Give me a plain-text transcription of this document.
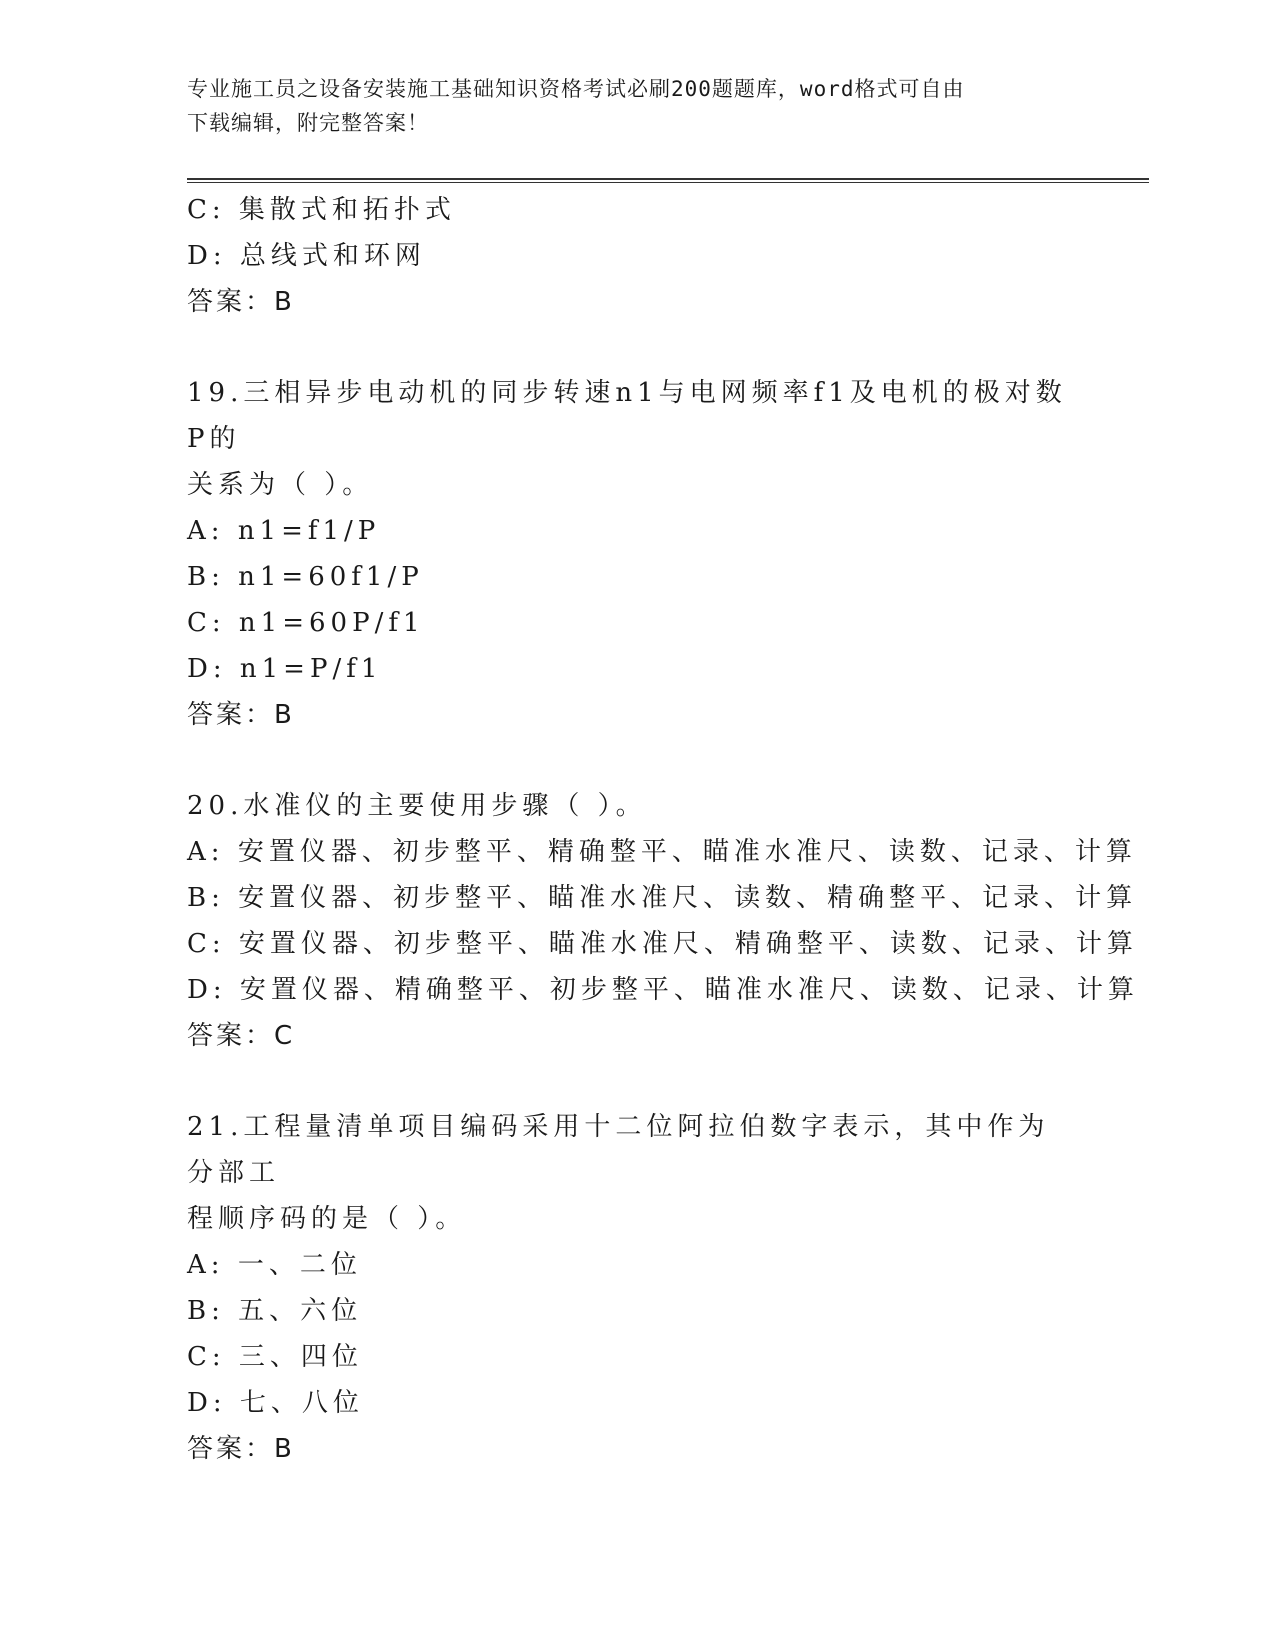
专业施工员之设备安装施工基础知识资格考试必刷200题题库，word格式可自由
下载编辑，附完整答案！
C: 集散式和拓扑式
D: 总线式和环网
答案：B
19.三相异步电动机的同步转速n1与电网频率f1及电机的极对数P的
关系为（ ）。
A: n1=f1/P
B: n1=60f1/P
C: n1=60P/f1
D: n1=P/f1
答案：B
20.水准仪的主要使用步骤（ ）。
A: 安置仪器、初步整平、精确整平、瞄准水准尺、读数、记录、计算
B: 安置仪器、初步整平、瞄准水准尺、读数、精确整平、记录、计算
C: 安置仪器、初步整平、瞄准水准尺、精确整平、读数、记录、计算
D: 安置仪器、精确整平、初步整平、瞄准水准尺、读数、记录、计算
答案：C
21.工程量清单项目编码采用十二位阿拉伯数字表示，其中作为分部工
程顺序码的是（ ）。
A: 一、二位
B: 五、六位
C: 三、四位
D: 七、八位
答案：B
